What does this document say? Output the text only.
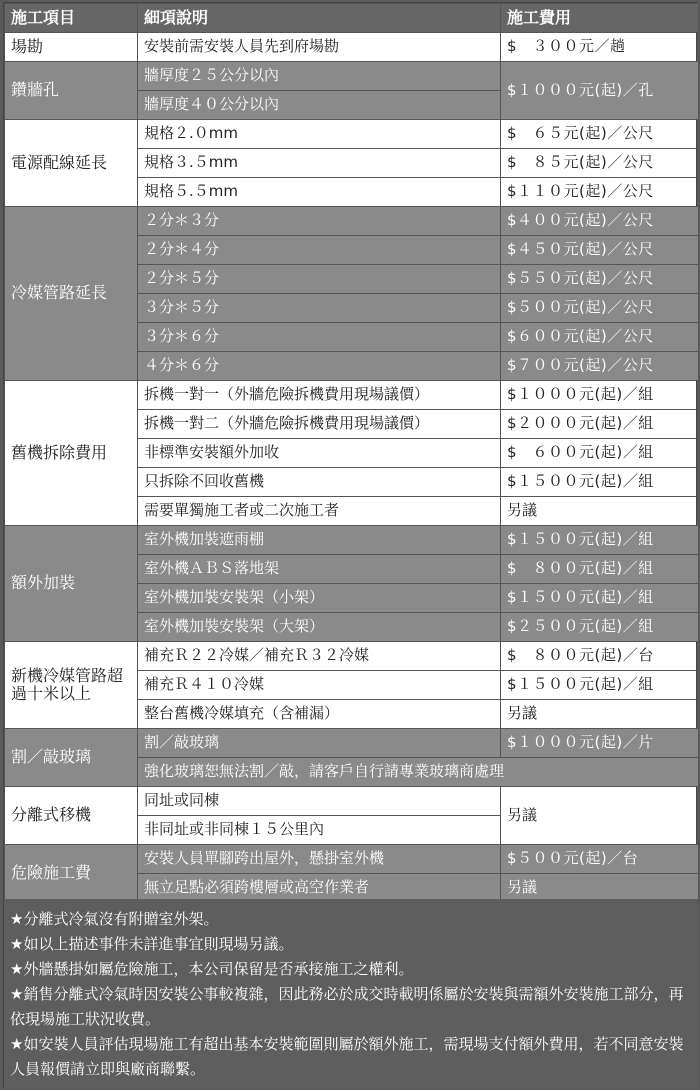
施工項目	細項說明	施工費用
場勘	安裝前需安裝人員先到府場勘	$　３００元／趟
鑽牆孔	牆厚度２５公分以內	$１０００元(起)／孔
	牆厚度４０公分以內	
電源配線延長	規格２.０mm	$　６５元(起)／公尺
	規格３.５mm	$　８５元(起)／公尺
	規格５.５mm	$１１０元(起)／公尺
冷媒管路延長	２分＊３分	$４００元(起)／公尺
	２分＊４分	$４５０元(起)／公尺
	２分＊５分	$５５０元(起)／公尺
	３分＊５分	$５００元(起)／公尺
	３分＊６分	$６００元(起)／公尺
	４分＊６分	$７００元(起)／公尺
舊機拆除費用	拆機一對一（外牆危險拆機費用現場議價）	$１０００元(起)／組
	拆機一對二（外牆危險拆機費用現場議價）	$２０００元(起)／組
	非標準安裝額外加收	$　６００元(起)／組
	只拆除不回收舊機	$１５００元(起)／組
	需要單獨施工者或二次施工者	另議
額外加裝	室外機加裝遮雨棚	$１５００元(起)／組
	室外機ＡＢＳ落地架	$　８００元(起)／組
	室外機加裝安裝架（小架）	$１５００元(起)／組
	室外機加裝安裝架（大架）	$２５００元(起)／組
新機冷媒管路超過十米以上	補充Ｒ２２冷媒／補充Ｒ３２冷媒	$　８００元(起)／台
	補充Ｒ４１０冷媒	$１５００元(起)／組
	整台舊機冷媒填充（含補漏）	另議
割／敲玻璃	割／敲玻璃	$１０００元(起)／片
	強化玻璃恕無法割／敲，請客戶自行請專業玻璃商處理	
分離式移機	同址或同棟	另議
	非同址或非同棟１５公里內	
危險施工費	安裝人員單腳跨出屋外，懸掛室外機	$５００元(起)／台
	無立足點必須跨樓層或高空作業者	另議

★分離式冷氣沒有附贈室外架。

★如以上描述事件未詳進事宜則現場另議。

★外牆懸掛如屬危險施工，本公司保留是否承接施工之權利。

★銷售分離式冷氣時因安裝公事較複雜，因此務必於成交時載明係屬於安裝與需額外安裝施工部分，再依現場施工狀況收費。

★如安裝人員評估現場施工有超出基本安裝範圍則屬於額外施工，需現場支付額外費用，若不同意安裝人員報價請立即與廠商聯繫。
